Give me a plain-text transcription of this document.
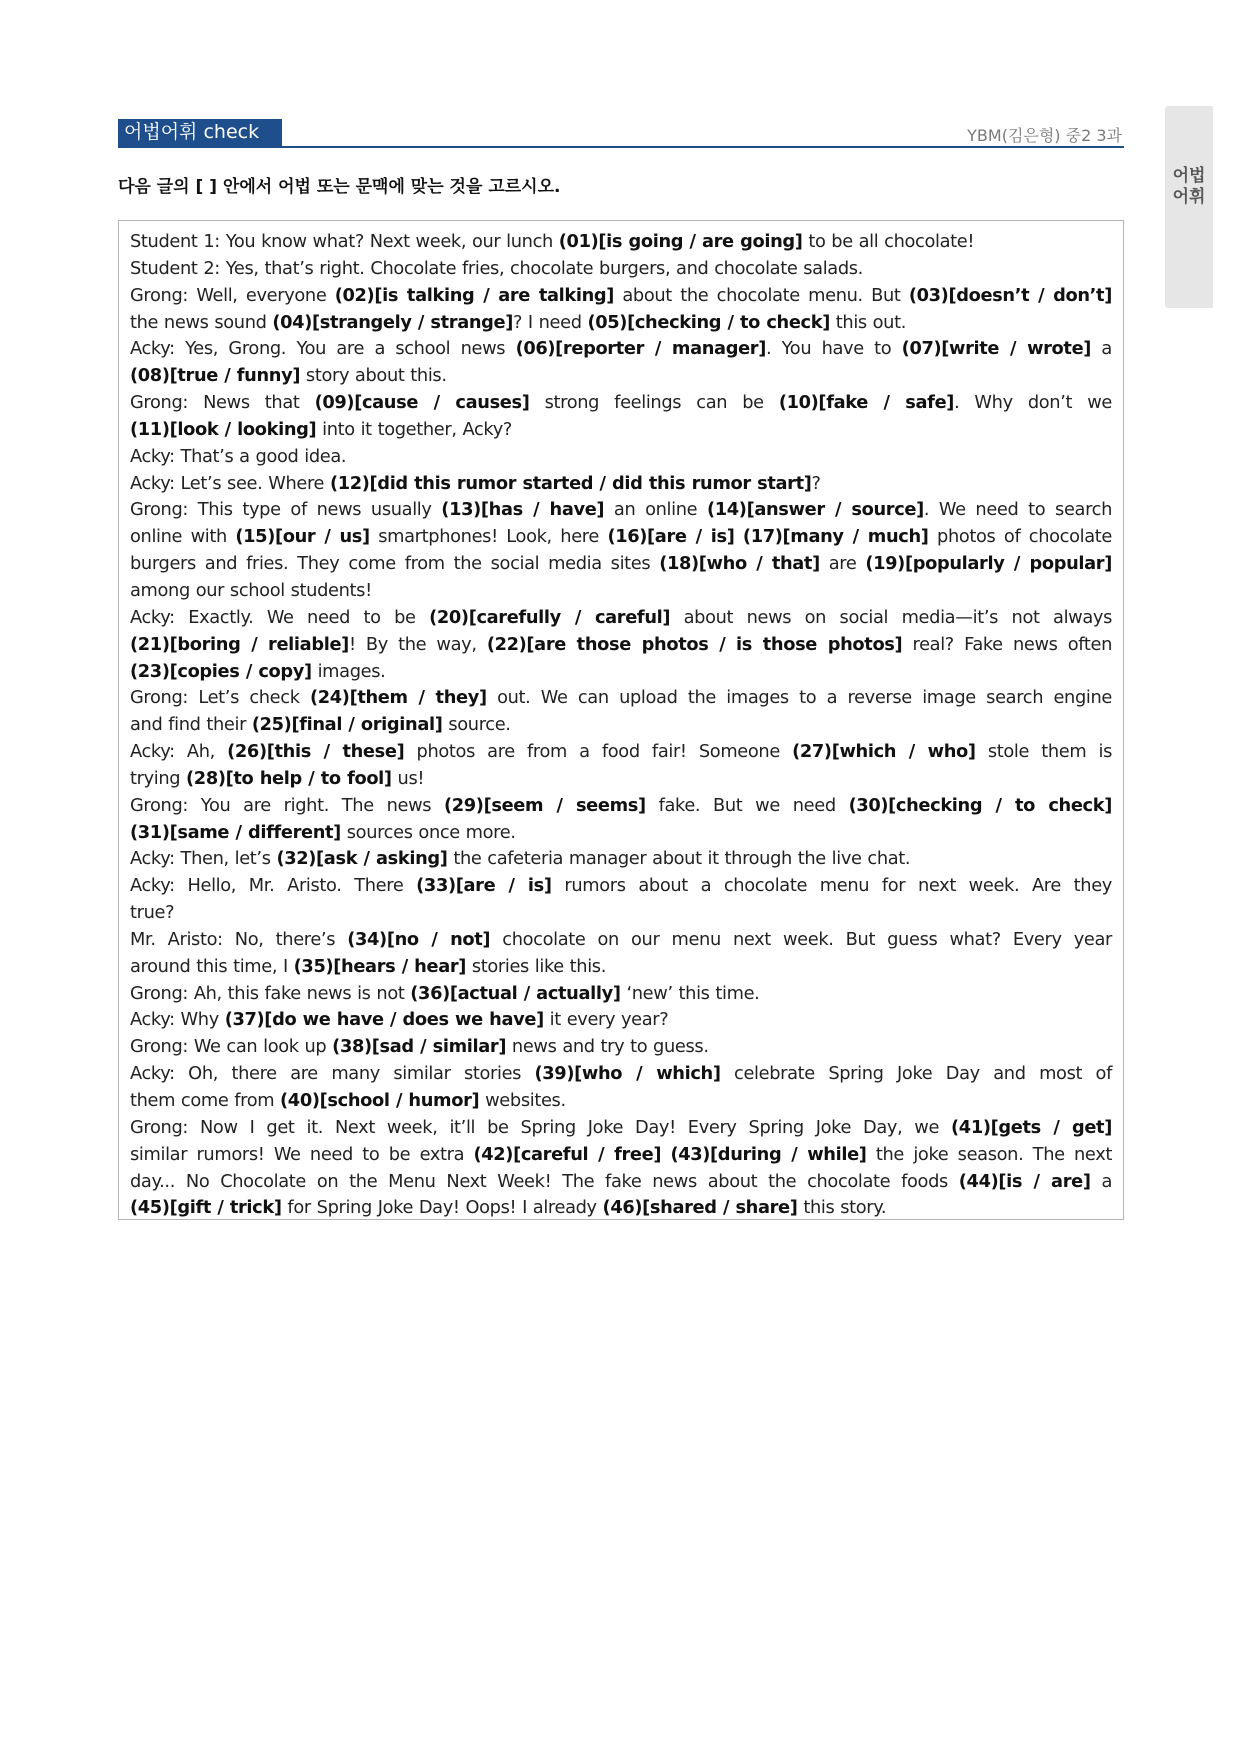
어법어휘
어법어휘 check	YBM(김은형) 중2 3과
다음 글의 [ ] 안에서 어법 또는 문맥에 맞는 것을 고르시오.
Student 1: You know what? Next week, our lunch (01)[is going / are going] to be all chocolate!
Student 2: Yes, that’s right. Chocolate fries, chocolate burgers, and chocolate salads.
Grong: Well, everyone (02)[is talking / are talking] about the chocolate menu. But (03)[doesn’t / don’t]
the news sound (04)[strangely / strange]? I need (05)[checking / to check] this out.
Acky: Yes, Grong. You are a school news (06)[reporter / manager]. You have to (07)[write / wrote] a
(08)[true / funny] story about this.
Grong: News that (09)[cause / causes] strong feelings can be (10)[fake / safe]. Why don’t we
(11)[look / looking] into it together, Acky?
Acky: That’s a good idea.
Acky: Let’s see. Where (12)[did this rumor started / did this rumor start]?
Grong: This type of news usually (13)[has / have] an online (14)[answer / source]. We need to search
online with (15)[our / us] smartphones! Look, here (16)[are / is] (17)[many / much] photos of chocolate
burgers and fries. They come from the social media sites (18)[who / that] are (19)[popularly / popular]
among our school students!
Acky: Exactly. We need to be (20)[carefully / careful] about news on social media—it’s not always
(21)[boring / reliable]! By the way, (22)[are those photos / is those photos] real? Fake news often
(23)[copies / copy] images.
Grong: Let’s check (24)[them / they] out. We can upload the images to a reverse image search engine
and find their (25)[final / original] source.
Acky: Ah, (26)[this / these] photos are from a food fair! Someone (27)[which / who] stole them is
trying (28)[to help / to fool] us!
Grong: You are right. The news (29)[seem / seems] fake. But we need (30)[checking / to check]
(31)[same / different] sources once more.
Acky: Then, let’s (32)[ask / asking] the cafeteria manager about it through the live chat.
Acky: Hello, Mr. Aristo. There (33)[are / is] rumors about a chocolate menu for next week. Are they
true?
Mr. Aristo: No, there’s (34)[no / not] chocolate on our menu next week. But guess what? Every year
around this time, I (35)[hears / hear] stories like this.
Grong: Ah, this fake news is not (36)[actual / actually] ‘new’ this time.
Acky: Why (37)[do we have / does we have] it every year?
Grong: We can look up (38)[sad / similar] news and try to guess.
Acky: Oh, there are many similar stories (39)[who / which] celebrate Spring Joke Day and most of
them come from (40)[school / humor] websites.
Grong: Now I get it. Next week, it’ll be Spring Joke Day! Every Spring Joke Day, we (41)[gets / get]
similar rumors! We need to be extra (42)[careful / free] (43)[during / while] the joke season. The next
day... No Chocolate on the Menu Next Week! The fake news about the chocolate foods (44)[is / are] a
(45)[gift / trick] for Spring Joke Day! Oops! I already (46)[shared / share] this story.
